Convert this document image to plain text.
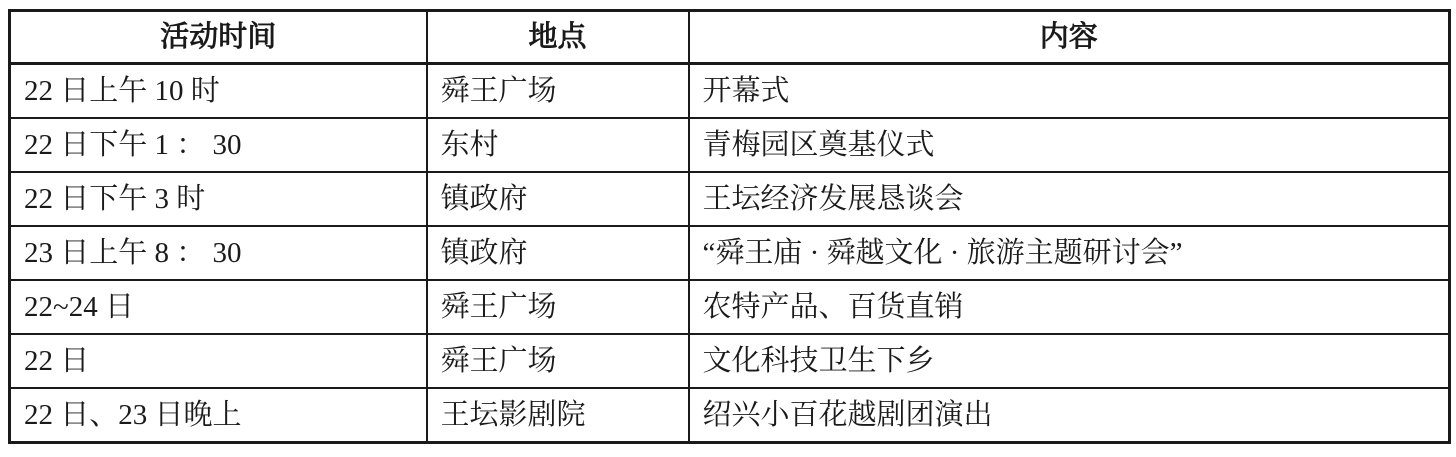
活动时间	地点	内容
22 日上午 10 时	舜王广场	开幕式
22 日下午 1 ： 30	东村	青梅园区奠基仪式
22 日下午 3 时	镇政府	王坛经济发展恳谈会
23 日上午 8 ： 30	镇政府	“舜王庙 · 舜越文化 · 旅游主题研讨会”
22~24 日	舜王广场	农特产品、百货直销
22 日	舜王广场	文化科技卫生下乡
22 日、23 日晚上	王坛影剧院	绍兴小百花越剧团演出
